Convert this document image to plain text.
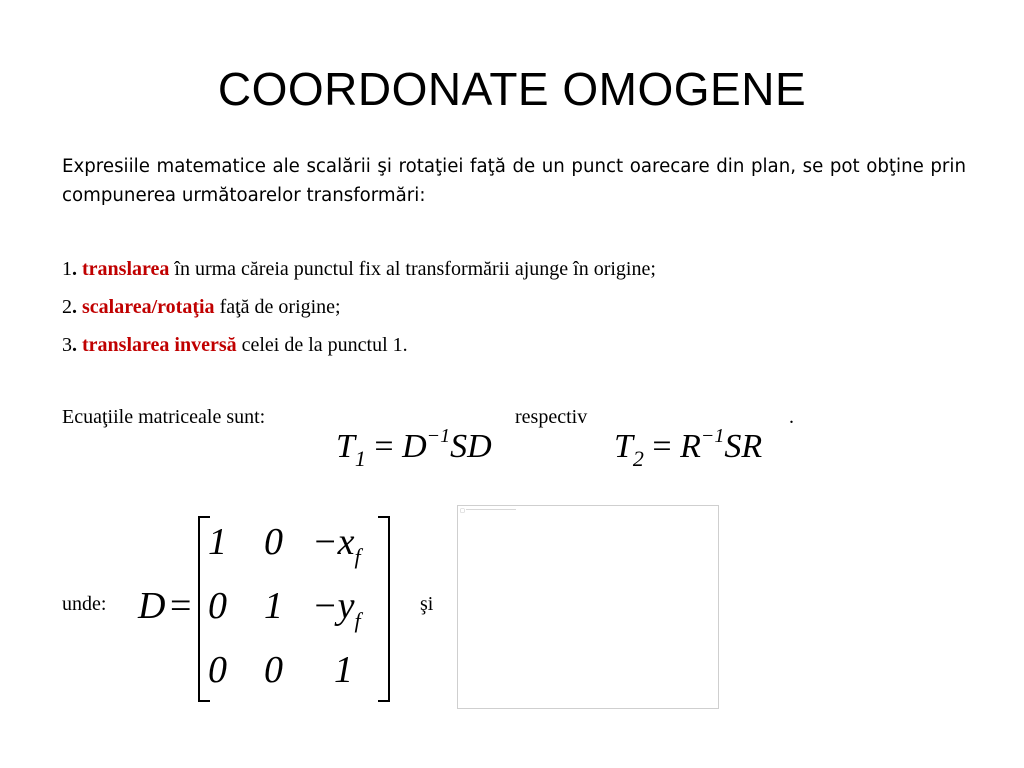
COORDONATE OMOGENE
Expresiile matematice ale scalării şi rotaţiei faţă de un punct oarecare din plan, se pot obţine prin compunerea următoarelor transformări:
1. translarea în urma căreia punctul fix al transformării ajunge în origine;
2. scalarea/rotaţia faţă de origine;
3. translarea inversă celei de la punctul 1.
Ecuaţiile matriceale sunt:	respectiv	.
$T_1 = D^{-1}SD$	$T_2 = R^{-1}SR$
unde: D =
1 $0 -x_f$
0 $1 -y_f$
0 0 1
şi
□
